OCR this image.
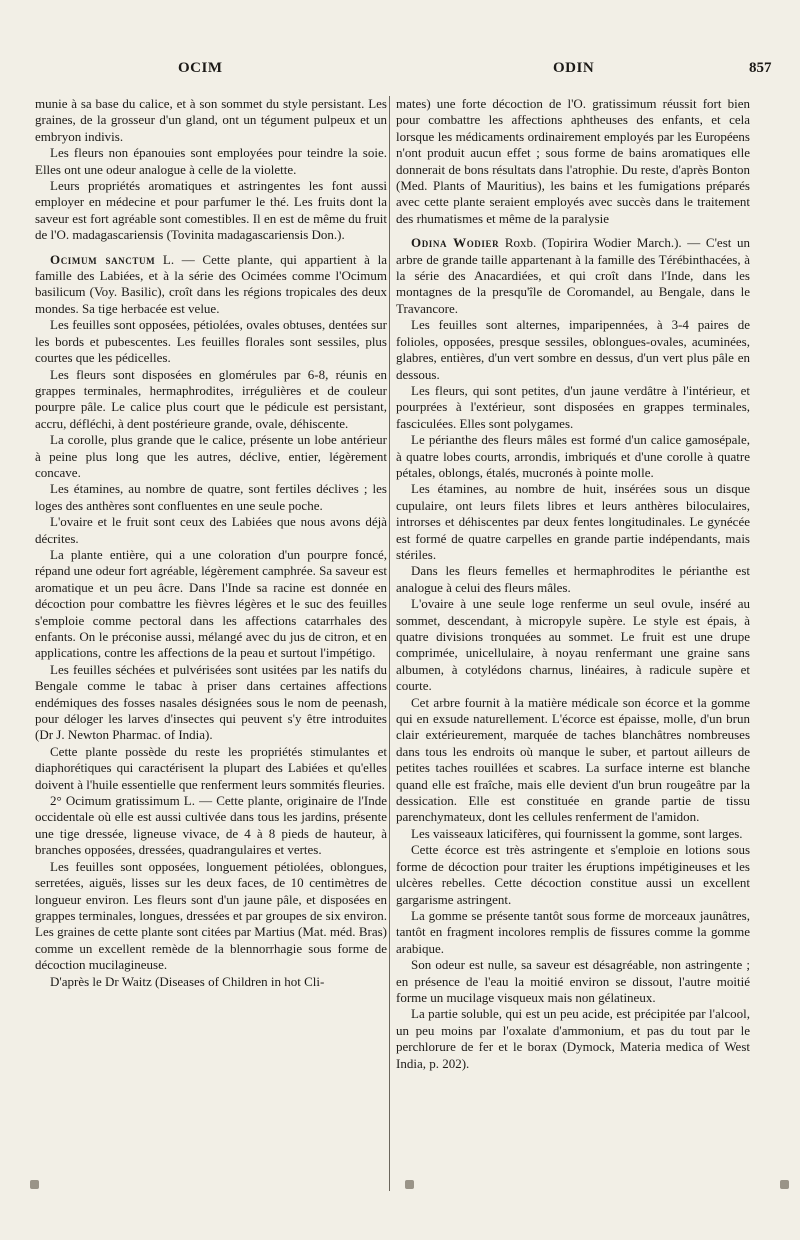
OCIM	ODIN	857

munie à sa base du calice, et à son sommet du style persistant. Les graines, de la grosseur d'un gland, ont un tégument pulpeux et un embryon indivis.

Les fleurs non épanouies sont employées pour teindre la soie. Elles ont une odeur analogue à celle de la violette.

Leurs propriétés aromatiques et astringentes les font aussi employer en médecine et pour parfumer le thé. Les fruits dont la saveur est fort agréable sont comestibles. Il en est de même du fruit de l'O. madagascariensis (Tovinita madagascariensis Don.).

Ocimum sanctum L. — Cette plante, qui appartient à la famille des Labiées, et à la série des Ocimées comme l'Ocimum basilicum (Voy. Basilic), croît dans les régions tropicales des deux mondes. Sa tige herbacée est velue.

Les feuilles sont opposées, pétiolées, ovales obtuses, dentées sur les bords et pubescentes. Les feuilles florales sont sessiles, plus courtes que les pédicelles.

Les fleurs sont disposées en glomérules par 6-8, réunis en grappes terminales, hermaphrodites, irrégulières et de couleur pourpre pâle. Le calice plus court que le pédicule est persistant, accru, défléchi, à dent postérieure grande, ovale, déhiscente.

La corolle, plus grande que le calice, présente un lobe antérieur à peine plus long que les autres, déclive, entier, légèrement concave.

Les étamines, au nombre de quatre, sont fertiles déclives ; les loges des anthères sont confluentes en une seule poche.

L'ovaire et le fruit sont ceux des Labiées que nous avons déjà décrites.

La plante entière, qui a une coloration d'un pourpre foncé, répand une odeur fort agréable, légèrement camphrée. Sa saveur est aromatique et un peu âcre. Dans l'Inde sa racine est donnée en décoction pour combattre les fièvres légères et le suc des feuilles s'emploie comme pectoral dans les affections catarrhales des enfants. On le préconise aussi, mélangé avec du jus de citron, et en applications, contre les affections de la peau et surtout l'impétigo.

Les feuilles séchées et pulvérisées sont usitées par les natifs du Bengale comme le tabac à priser dans certaines affections endémiques des fosses nasales désignées sous le nom de peenash, pour déloger les larves d'insectes qui peuvent s'y être introduites (Dr J. Newton Pharmac. of India).

Cette plante possède du reste les propriétés stimulantes et diaphorétiques qui caractérisent la plupart des Labiées et qu'elles doivent à l'huile essentielle que renferment leurs sommités fleuries.

2° Ocimum gratissimum L. — Cette plante, originaire de l'Inde occidentale où elle est aussi cultivée dans tous les jardins, présente une tige dressée, ligneuse vivace, de 4 à 8 pieds de hauteur, à branches opposées, dressées, quadrangulaires et vertes.

Les feuilles sont opposées, longuement pétiolées, oblongues, serretées, aiguës, lisses sur les deux faces, de 10 centimètres de longueur environ. Les fleurs sont d'un jaune pâle, et disposées en grappes terminales, longues, dressées et par groupes de six environ. Les graines de cette plante sont citées par Martius (Mat. méd. Bras) comme un excellent remède de la blennorrhagie sous forme de décoction mucilagineuse.

D'après le Dr Waitz (Diseases of Children in hot Cli-

mates) une forte décoction de l'O. gratissimum réussit fort bien pour combattre les affections aphtheuses des enfants, et cela lorsque les médicaments ordinairement employés par les Européens n'ont produit aucun effet ; sous forme de bains aromatiques elle donnerait de bons résultats dans l'atrophie. Du reste, d'après Bonton (Med. Plants of Mauritius), les bains et les fumigations préparés avec cette plante seraient employés avec succès dans le traitement des rhumatismes et même de la paralysie

Odina Wodier Roxb. (Topirira Wodier March.). — C'est un arbre de grande taille appartenant à la famille des Térébinthacées, à la série des Anacardiées, et qui croît dans l'Inde, dans les montagnes de la presqu'île de Coromandel, au Bengale, dans le Travancore.

Les feuilles sont alternes, imparipennées, à 3-4 paires de folioles, opposées, presque sessiles, oblongues-ovales, acuminées, glabres, entières, d'un vert sombre en dessus, d'un vert plus pâle en dessous.

Les fleurs, qui sont petites, d'un jaune verdâtre à l'intérieur, et pourprées à l'extérieur, sont disposées en grappes terminales, fasciculées. Elles sont polygames.

Le périanthe des fleurs mâles est formé d'un calice gamosépale, à quatre lobes courts, arrondis, imbriqués et d'une corolle à quatre pétales, oblongs, étalés, mucronés à pointe molle.

Les étamines, au nombre de huit, insérées sous un disque cupulaire, ont leurs filets libres et leurs anthères biloculaires, introrses et déhiscentes par deux fentes longitudinales. Le gynécée est formé de quatre carpelles en grande partie indépendants, mais stériles.

Dans les fleurs femelles et hermaphrodites le périanthe est analogue à celui des fleurs mâles.

L'ovaire à une seule loge renferme un seul ovule, inséré au sommet, descendant, à micropyle supère. Le style est épais, à quatre divisions tronquées au sommet. Le fruit est une drupe comprimée, unicellulaire, à noyau renfermant une graine sans albumen, à cotylédons charnus, linéaires, à radicule supère et courte.

Cet arbre fournit à la matière médicale son écorce et la gomme qui en exsude naturellement. L'écorce est épaisse, molle, d'un brun clair extérieurement, marquée de taches blanchâtres nombreuses dans tous les endroits où manque le suber, et partout ailleurs de petites taches rouillées et scabres. La surface interne est blanche quand elle est fraîche, mais elle devient d'un brun rougeâtre par la dessication. Elle est constituée en grande partie de tissu parenchymateux, dont les cellules renferment de l'amidon.

Les vaisseaux laticifères, qui fournissent la gomme, sont larges.

Cette écorce est très astringente et s'emploie en lotions sous forme de décoction pour traiter les éruptions impétigineuses et les ulcères rebelles. Cette décoction constitue aussi un excellent gargarisme astringent.

La gomme se présente tantôt sous forme de morceaux jaunâtres, tantôt en fragment incolores remplis de fissures comme la gomme arabique.

Son odeur est nulle, sa saveur est désagréable, non astringente ; en présence de l'eau la moitié environ se dissout, l'autre moitié forme un mucilage visqueux mais non gélatineux.

La partie soluble, qui est un peu acide, est précipitée par l'alcool, un peu moins par l'oxalate d'ammonium, et pas du tout par le perchlorure de fer et le borax (Dymock, Materia medica of West India, p. 202).
